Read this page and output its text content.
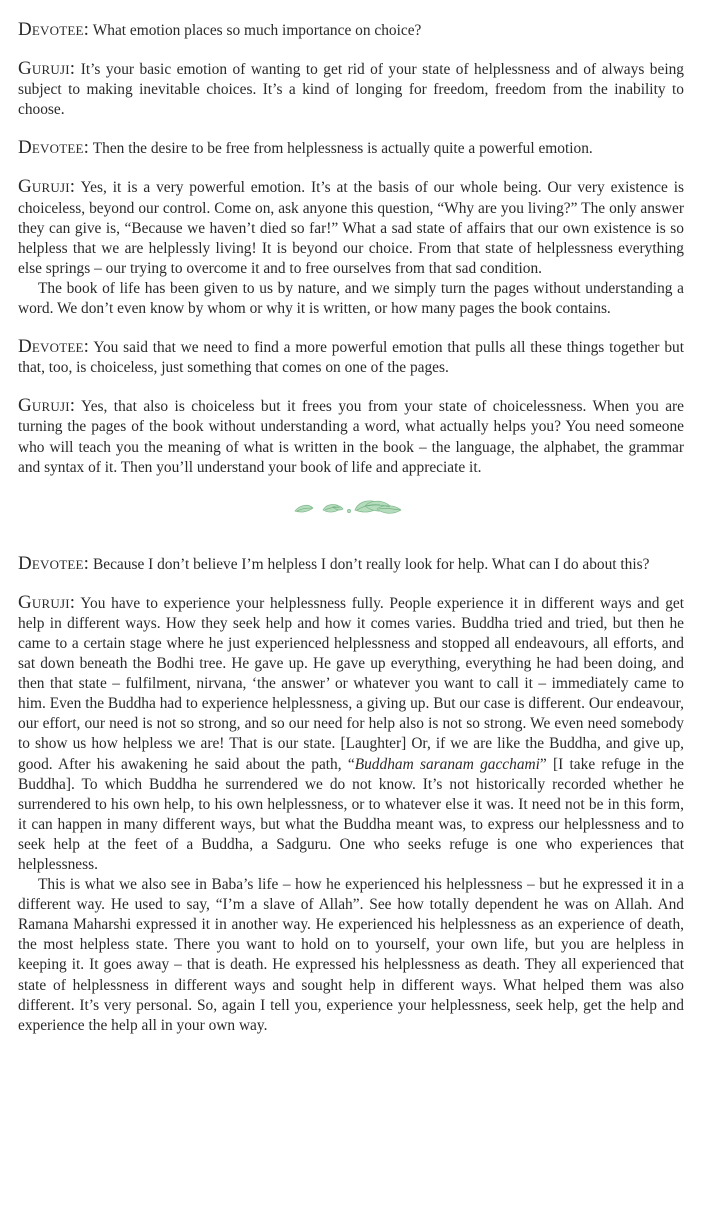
Devotee: What emotion places so much importance on choice?

Guruji: It’s your basic emotion of wanting to get rid of your state of helplessness and of always being subject to making inevitable choices. It’s a kind of longing for freedom, freedom from the inability to choose.

Devotee: Then the desire to be free from helplessness is actually quite a powerful emotion.

Guruji: Yes, it is a very powerful emotion. It’s at the basis of our whole being. Our very existence is choiceless, beyond our control. Come on, ask anyone this question, “Why are you living?” The only answer they can give is, “Because we haven’t died so far!” What a sad state of affairs that our own existence is so helpless that we are helplessly living! It is beyond our choice. From that state of helplessness everything else springs – our trying to overcome it and to free ourselves from that sad condition.

The book of life has been given to us by nature, and we simply turn the pages without understanding a word. We don’t even know by whom or why it is written, or how many pages the book contains.

Devotee: You said that we need to find a more powerful emotion that pulls all these things together but that, too, is choiceless, just something that comes on one of the pages.

Guruji: Yes, that also is choiceless but it frees you from your state of choicelessness. When you are turning the pages of the book without understanding a word, what actually helps you? You need someone who will teach you the meaning of what is written in the book – the language, the alphabet, the grammar and syntax of it. Then you’ll understand your book of life and appreciate it.

Devotee: Because I don’t believe I’m helpless I don’t really look for help. What can I do about this?

Guruji: You have to experience your helplessness fully. People experience it in different ways and get help in different ways. How they seek help and how it comes varies. Buddha tried and tried, but then he came to a certain stage where he just experienced helplessness and stopped all endeavours, all efforts, and sat down beneath the Bodhi tree. He gave up. He gave up everything, everything he had been doing, and then that state – fulfilment, nirvana, ‘the answer’ or whatever you want to call it – immediately came to him. Even the Buddha had to experience helplessness, a giving up. But our case is different. Our endeavour, our effort, our need is not so strong, and so our need for help also is not so strong. We even need somebody to show us how helpless we are! That is our state. [Laughter] Or, if we are like the Buddha, and give up, good. After his awakening he said about the path, “Buddham saranam gacchami” [I take refuge in the Buddha]. To which Buddha he surrendered we do not know. It’s not historically recorded whether he surrendered to his own help, to his own helplessness, or to whatever else it was. It need not be in this form, it can happen in many different ways, but what the Buddha meant was, to express our helplessness and to seek help at the feet of a Buddha, a Sadguru. One who seeks refuge is one who experiences that helplessness.

This is what we also see in Baba’s life – how he experienced his helplessness – but he expressed it in a different way. He used to say, “I’m a slave of Allah”. See how totally dependent he was on Allah. And Ramana Maharshi expressed it in another way. He experienced his helplessness as an experience of death, the most helpless state. There you want to hold on to yourself, your own life, but you are helpless in keeping it. It goes away – that is death. He expressed his helplessness as death. They all experienced that state of helplessness in different ways and sought help in different ways. What helped them was also different. It’s very personal. So, again I tell you, experience your helplessness, seek help, get the help and experience the help all in your own way.
